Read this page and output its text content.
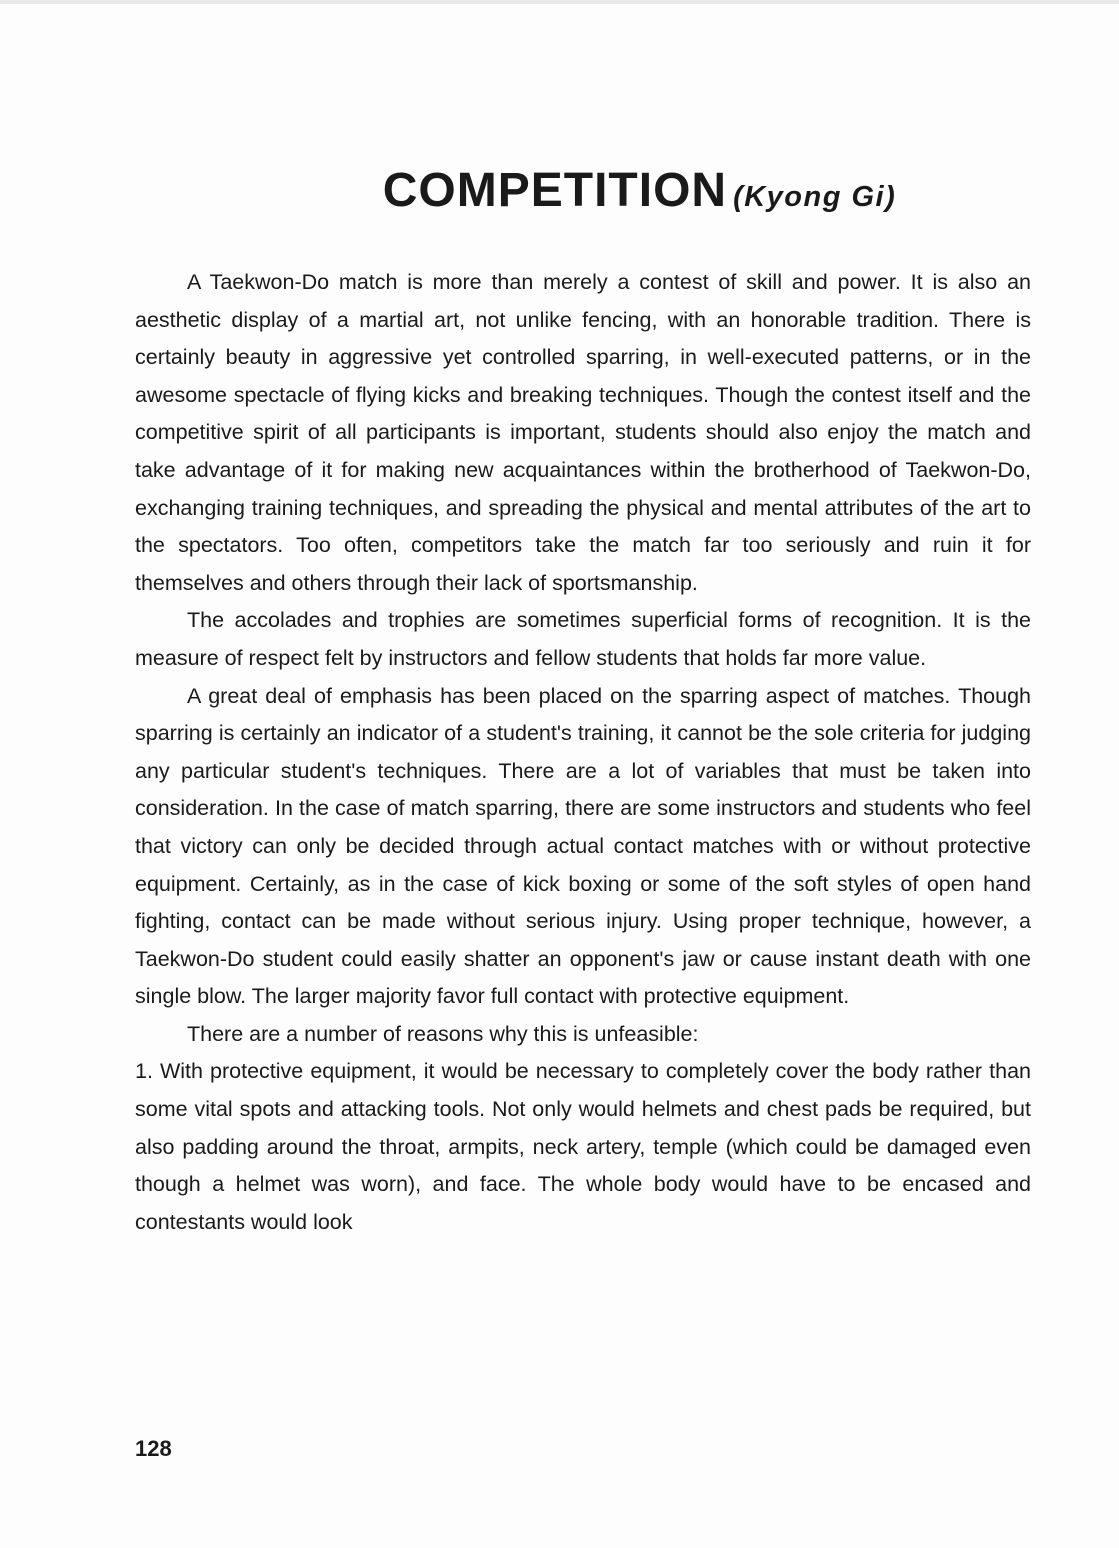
COMPETITION (Kyong Gi)

A Taekwon-Do match is more than merely a contest of skill and power. It is also an aesthetic display of a martial art, not unlike fencing, with an honorable tradition. There is certainly beauty in aggressive yet controlled sparring, in well-executed patterns, or in the awesome spectacle of flying kicks and breaking techniques. Though the contest itself and the competitive spirit of all participants is important, students should also enjoy the match and take advantage of it for making new acquaintances within the brotherhood of Taekwon-Do, exchanging training techniques, and spreading the physical and mental attributes of the art to the spectators. Too often, competitors take the match far too seriously and ruin it for themselves and others through their lack of sportsmanship.

The accolades and trophies are sometimes superficial forms of recognition. It is the measure of respect felt by instructors and fellow students that holds far more value.

A great deal of emphasis has been placed on the sparring aspect of matches. Though sparring is certainly an indicator of a student's training, it cannot be the sole criteria for judging any particular student's techniques. There are a lot of variables that must be taken into consideration. In the case of match sparring, there are some instructors and students who feel that victory can only be decided through actual contact matches with or without protective equipment. Certainly, as in the case of kick boxing or some of the soft styles of open hand fighting, contact can be made without serious injury. Using proper technique, however, a Taekwon-Do student could easily shatter an opponent's jaw or cause instant death with one single blow. The larger majority favor full contact with protective equipment.

There are a number of reasons why this is unfeasible:

1. With protective equipment, it would be necessary to completely cover the body rather than some vital spots and attacking tools. Not only would helmets and chest pads be required, but also padding around the throat, armpits, neck artery, temple (which could be damaged even though a helmet was worn), and face. The whole body would have to be encased and contestants would look

128
